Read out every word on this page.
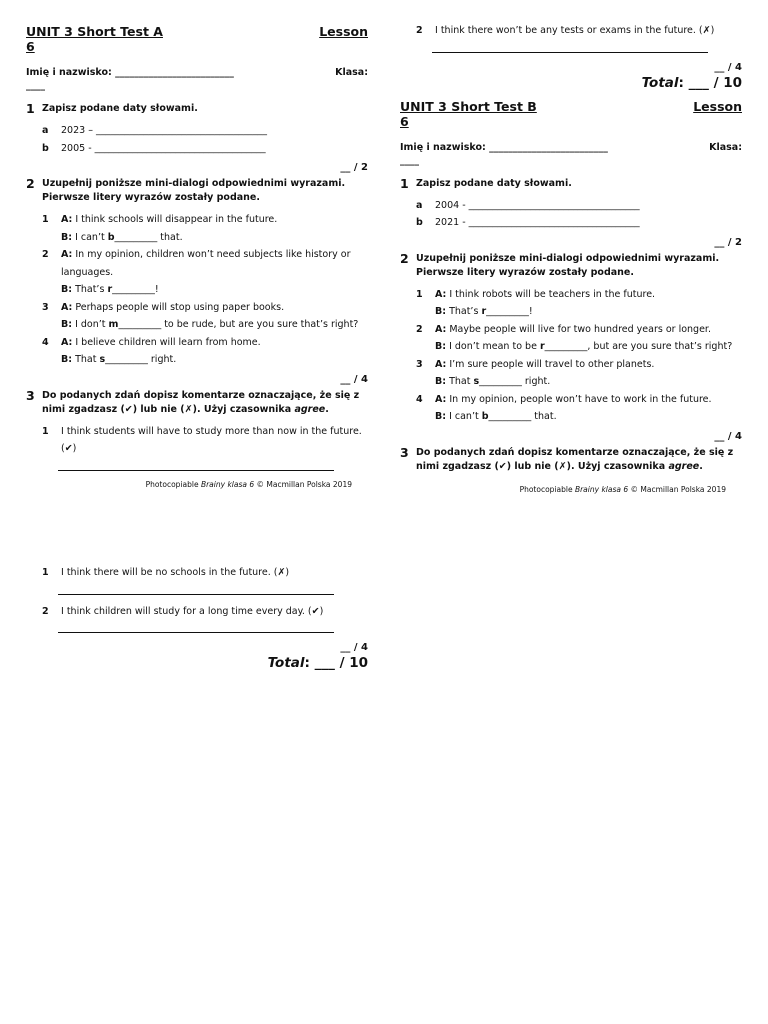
UNIT 3 Short Test A	Lesson
6
Imię i nazwisko: _________________________	Klasa:
____
1 Zapisz podane daty słowami.
a	2023 – ____________________________________
b	2005 - ____________________________________
__ / 2
2 Uzupełnij poniższe mini-dialogi odpowiednimi wyrazami. Pierwsze litery wyrazów zostały podane.
1	A: I think schools will disappear in the future.
B: I can’t b_________ that.
2	A: In my opinion, children won’t need subjects like history or languages.
B: That’s r_________!
3	A: Perhaps people will stop using paper books.
B: I don’t m_________ to be rude, but are you sure that’s right?
4	A: I believe children will learn from home.
B: That s_________ right.
__ / 4
3 Do podanych zdań dopisz komentarze oznaczające, że się z nimi zgadzasz (✔) lub nie (✗). Użyj czasownika agree.
1	I think students will have to study more than now in the future. (✔)
Photocopiable Brainy klasa 6 © Macmillan Polska 2019
1	I think there will be no schools in the future. (✗)
2	I think children will study for a long time every day. (✔)
__ / 4
Total: ___ / 10
2	I think there won’t be any tests or exams in the future. (✗)
__ / 4
Total: ___ / 10
UNIT 3 Short Test B	Lesson
6
Imię i nazwisko: _________________________	Klasa:
____
1 Zapisz podane daty słowami.
a	2004 - ____________________________________
b	2021 - ____________________________________
__ / 2
2 Uzupełnij poniższe mini-dialogi odpowiednimi wyrazami. Pierwsze litery wyrazów zostały podane.
1	A: I think robots will be teachers in the future.
B: That’s r_________!
2	A: Maybe people will live for two hundred years or longer.
B: I don’t mean to be r_________, but are you sure that’s right?
3	A: I’m sure people will travel to other planets.
B: That s_________ right.
4	A: In my opinion, people won’t have to work in the future.
B: I can’t b_________ that.
__ / 4
3 Do podanych zdań dopisz komentarze oznaczające, że się z nimi zgadzasz (✔) lub nie (✗). Użyj czasownika agree.
Photocopiable Brainy klasa 6 © Macmillan Polska 2019
